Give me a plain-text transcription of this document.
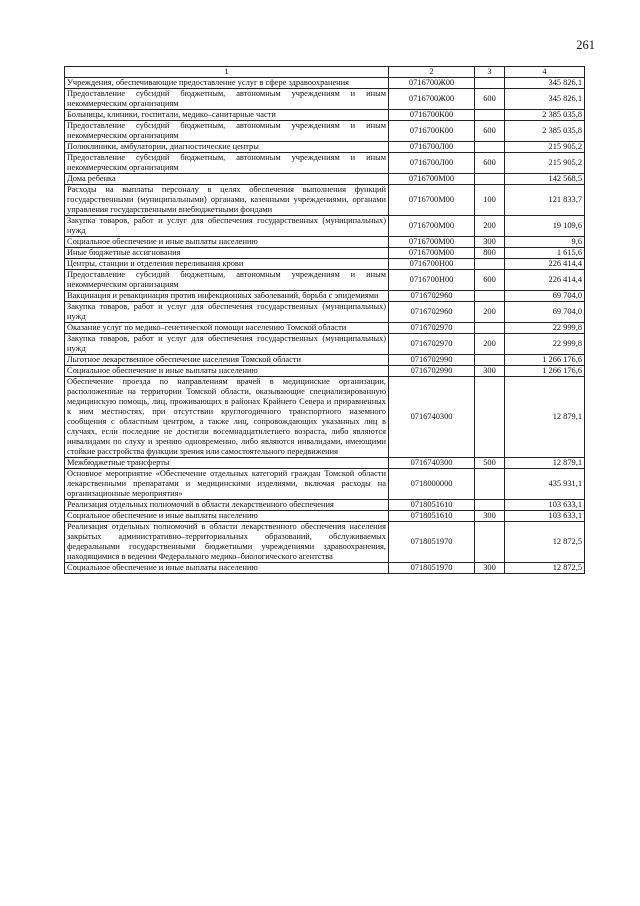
261
1	2	3	4
Учреждения, обеспечивающие предоставление услуг в сфере здравоохранения	0716700Ж00		345 826,1
Предоставление субсидий бюджетным, автономным учреждениям и иным некоммерческим организациям	0716700Ж00	600	345 826,1
Больницы, клиники, госпитали, медико–санитарные части	0716700К00		2 385 035,8
Предоставление субсидий бюджетным, автономным учреждениям и иным некоммерческим организациям	0716700К00	600	2 385 035,8
Поликлиники, амбулатории, диагностические центры	0716700Л00		215 905,2
Предоставление субсидий бюджетным, автономным учреждениям и иным некоммерческим организациям	0716700Л00	600	215 905,2
Дома ребенка	0716700М00		142 568,5
Расходы на выплаты персоналу в целях обеспечения выполнения функций государственными (муниципальными) органами, казенными учреждениями, органами управления государственными внебюджетными фондами	0716700М00	100	121 833,7
Закупка товаров, работ и услуг для обеспечения государственных (муниципальных) нужд	0716700М00	200	19 109,6
Социальное обеспечение и иные выплаты населению	0716700М00	300	9,6
Иные бюджетные ассигнования	0716700М00	800	1 615,6
Центры, станции и отделения переливания крови	0716700Н00		226 414,4
Предоставление субсидий бюджетным, автономным учреждениям и иным некоммерческим организациям	0716700Н00	600	226 414,4
Вакцинация и ревакцинация против инфекционных заболеваний, борьба с эпидемиями	0716702960		69 704,0
Закупка товаров, работ и услуг для обеспечения государственных (муниципальных) нужд	0716702960	200	69 704,0
Оказание услуг по медико–генетической помощи населению Томской области	0716702970		22 999,8
Закупка товаров, работ и услуг для обеспечения государственных (муниципальных) нужд	0716702970	200	22 999,8
Льготное лекарственное обеспечение населения Томской области	0716702990		1 266 176,6
Социальное обеспечение и иные выплаты населению	0716702990	300	1 266 176,6
Обеспечение проезда по направлениям врачей в медицинские организации, расположенные на территории Томской области, оказывающие специализированную медицинскую помощь, лиц, проживающих в районах Крайнего Севера и приравненных к ним местностях, при отсутствии круглогодичного транспортного наземного сообщения с областным центром, а также лиц, сопровождающих указанных лиц в случаях, если последние не достигли восемнадцатилетнего возраста, либо являются инвалидами по слуху и зрению одновременно, либо являются инвалидами, имеющими стойкие расстройства функции зрения или самостоятельного передвижения	0716740300		12 879,1
Межбюджетные трансферты	0716740300	500	12 879,1
Основное мероприятие «Обеспечение отдельных категорий граждан Томской области лекарственными препаратами и медицинскими изделиями, включая расходы на организационные мероприятия»	0718000000		435 931,1
Реализация отдельных полномочий в области лекарственного обеспечения	0718051610		103 633,1
Социальное обеспечение и иные выплаты населению	0718051610	300	103 633,1
Реализация отдельных полномочий в области лекарственного обеспечения населения закрытых административно–территориальных образований, обслуживаемых федеральными государственными бюджетными учреждениями здравоохранения, находящимися в ведении Федерального медико–биологического агентства	0718051970		12 872,5
Социальное обеспечение и иные выплаты населению	0718051970	300	12 872,5
